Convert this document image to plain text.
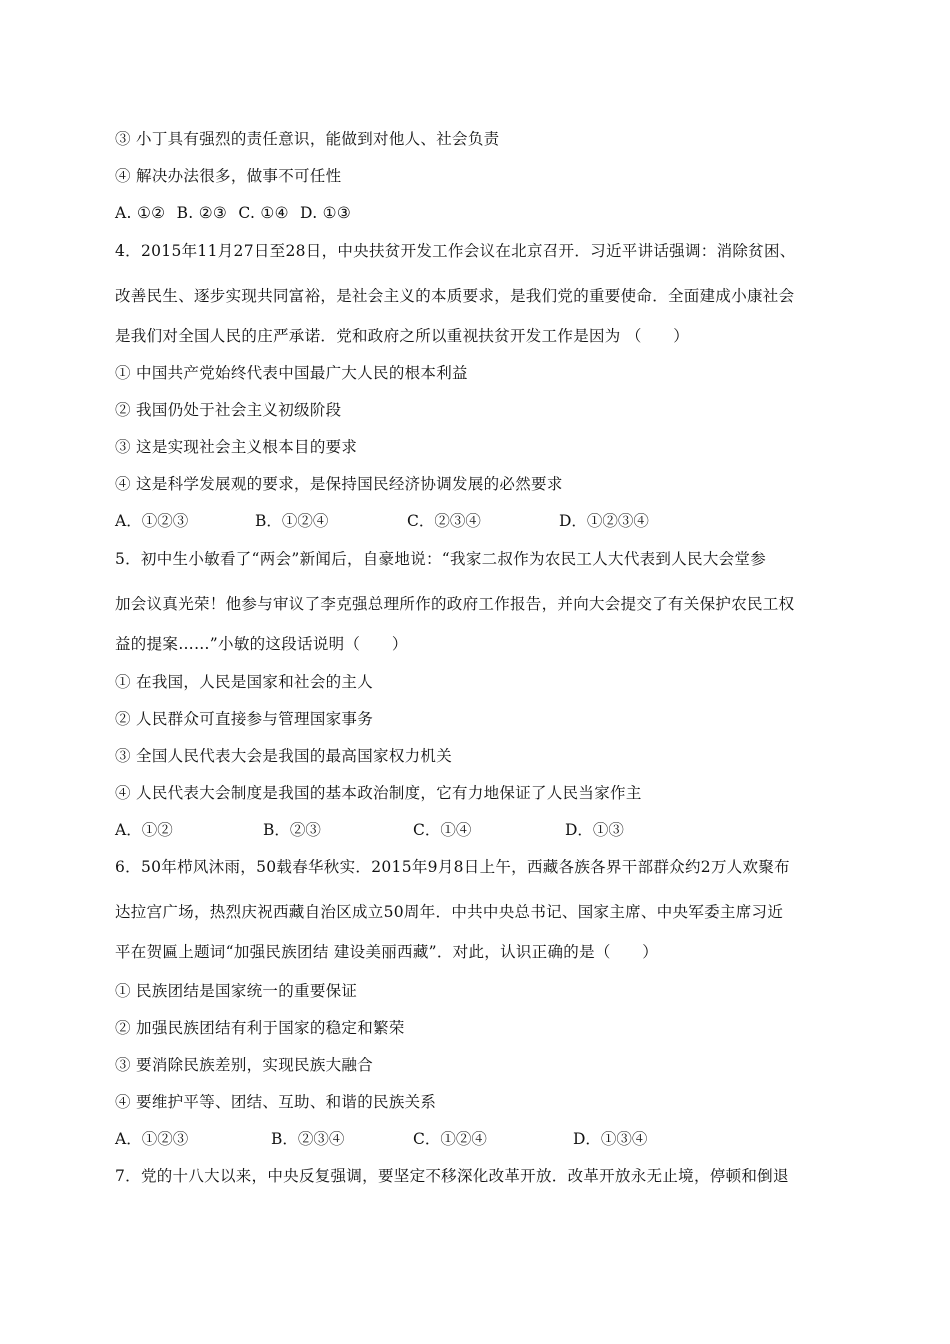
③ 小丁具有强烈的责任意识，能做到对他人、社会负责
④ 解决办法很多，做事不可任性
A. ①② B. ②③ C. ①④ D. ①③
4．2015年11月27日至28日，中央扶贫开发工作会议在北京召开．习近平讲话强调：消除贫困、
改善民生、逐步实现共同富裕，是社会主义的本质要求，是我们党的重要使命．全面建成小康社会
是我们对全国人民的庄严承诺．党和政府之所以重视扶贫开发工作是因为 （　　）
① 中国共产党始终代表中国最广大人民的根本利益
② 我国仍处于社会主义初级阶段
③ 这是实现社会主义根本目的要求
④ 这是科学发展观的要求，是保持国民经济协调发展的必然要求
A．①②③	B．①②④	C．②③④	D．①②③④
5．初中生小敏看了“两会”新闻后，自豪地说：“我家二叔作为农民工人大代表到人民大会堂参
加会议真光荣！他参与审议了李克强总理所作的政府工作报告，并向大会提交了有关保护农民工权
益的提案……”小敏的这段话说明（　　）
① 在我国，人民是国家和社会的主人
② 人民群众可直接参与管理国家事务
③ 全国人民代表大会是我国的最高国家权力机关
④ 人民代表大会制度是我国的基本政治制度，它有力地保证了人民当家作主
A．①②	B．②③	C．①④	D．①③
6．50年栉风沐雨，50载春华秋实．2015年9月8日上午，西藏各族各界干部群众约2万人欢聚布
达拉宫广场，热烈庆祝西藏自治区成立50周年．中共中央总书记、国家主席、中央军委主席习近
平在贺匾上题词“加强民族团结 建设美丽西藏”．对此，认识正确的是（　　）
① 民族团结是国家统一的重要保证
② 加强民族团结有利于国家的稳定和繁荣
③ 要消除民族差别，实现民族大融合
④ 要维护平等、团结、互助、和谐的民族关系
A．①②③	B．②③④	C．①②④	D．①③④
7．党的十八大以来，中央反复强调，要坚定不移深化改革开放．改革开放永无止境，停顿和倒退
